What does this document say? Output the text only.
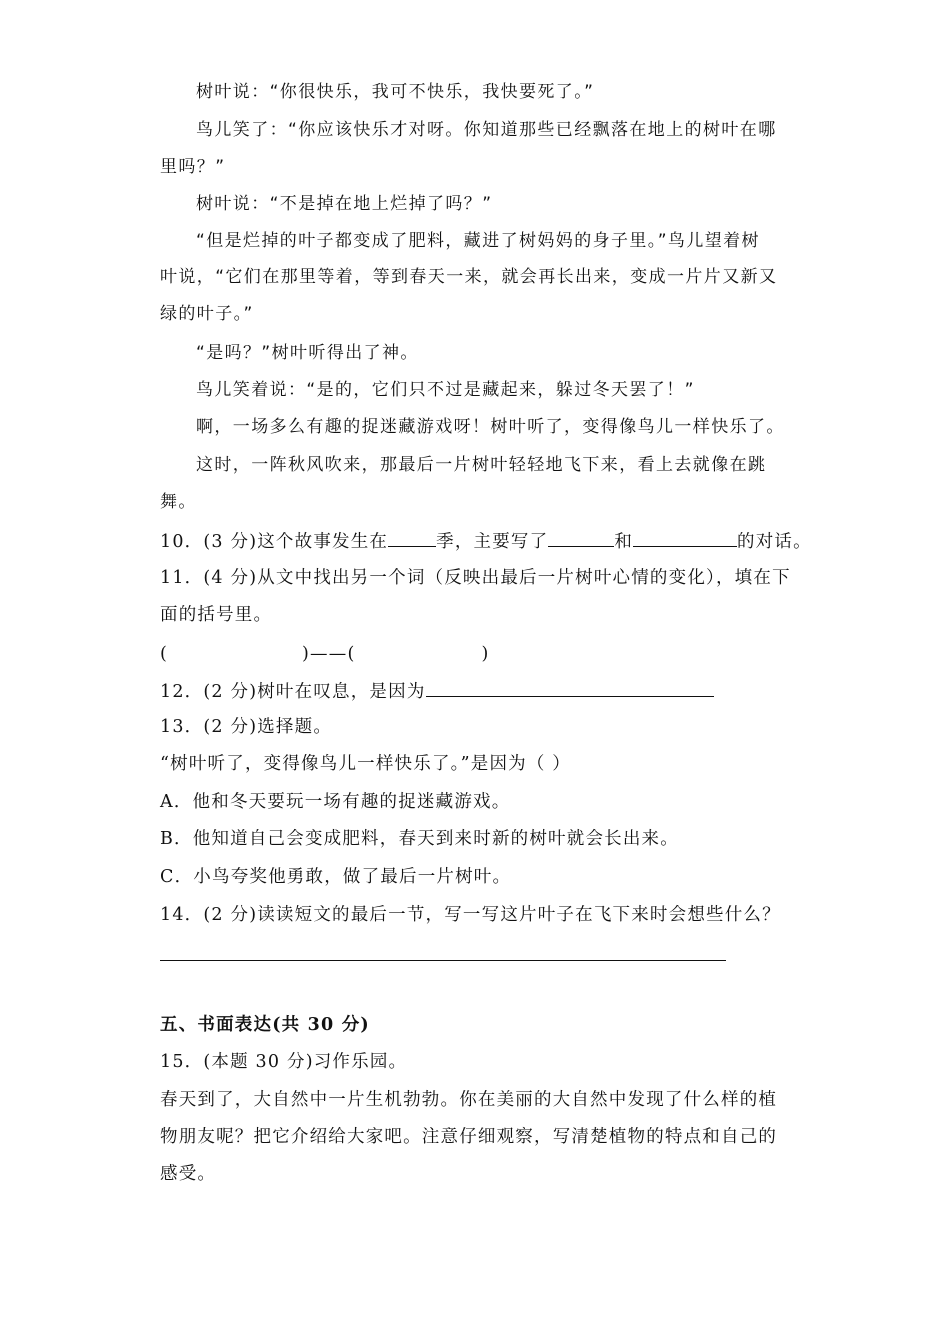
树叶说：“你很快乐，我可不快乐，我快要死了。”
鸟儿笑了：“你应该快乐才对呀。你知道那些已经飘落在地上的树叶在哪
里吗？”
树叶说：“不是掉在地上烂掉了吗？”
“但是烂掉的叶子都变成了肥料，藏进了树妈妈的身子里。”鸟儿望着树
叶说，“它们在那里等着，等到春天一来，就会再长出来，变成一片片又新又
绿的叶子。”
“是吗？”树叶听得出了神。
鸟儿笑着说：“是的，它们只不过是藏起来，躲过冬天罢了！”
啊，一场多么有趣的捉迷藏游戏呀！树叶听了，变得像鸟儿一样快乐了。
这时，一阵秋风吹来，那最后一片树叶轻轻地飞下来，看上去就像在跳
舞。
10．(3 分)这个故事发生在	季，主要写了	和	的对话。
11．(4 分)从文中找出另一个词（反映出最后一片树叶心情的变化），填在下
面的括号里。
(	)——(	)
12．(2 分)树叶在叹息，是因为
13．(2 分)选择题。
“树叶听了，变得像鸟儿一样快乐了。”是因为（ ）
A．他和冬天要玩一场有趣的捉迷藏游戏。
B．他知道自己会变成肥料，春天到来时新的树叶就会长出来。
C．小鸟夸奖他勇敢，做了最后一片树叶。
14．(2 分)读读短文的最后一节，写一写这片叶子在飞下来时会想些什么？
五、书面表达(共 30 分)
15．(本题 30 分)习作乐园。
春天到了，大自然中一片生机勃勃。你在美丽的大自然中发现了什么样的植
物朋友呢？把它介绍给大家吧。注意仔细观察，写清楚植物的特点和自己的
感受。
